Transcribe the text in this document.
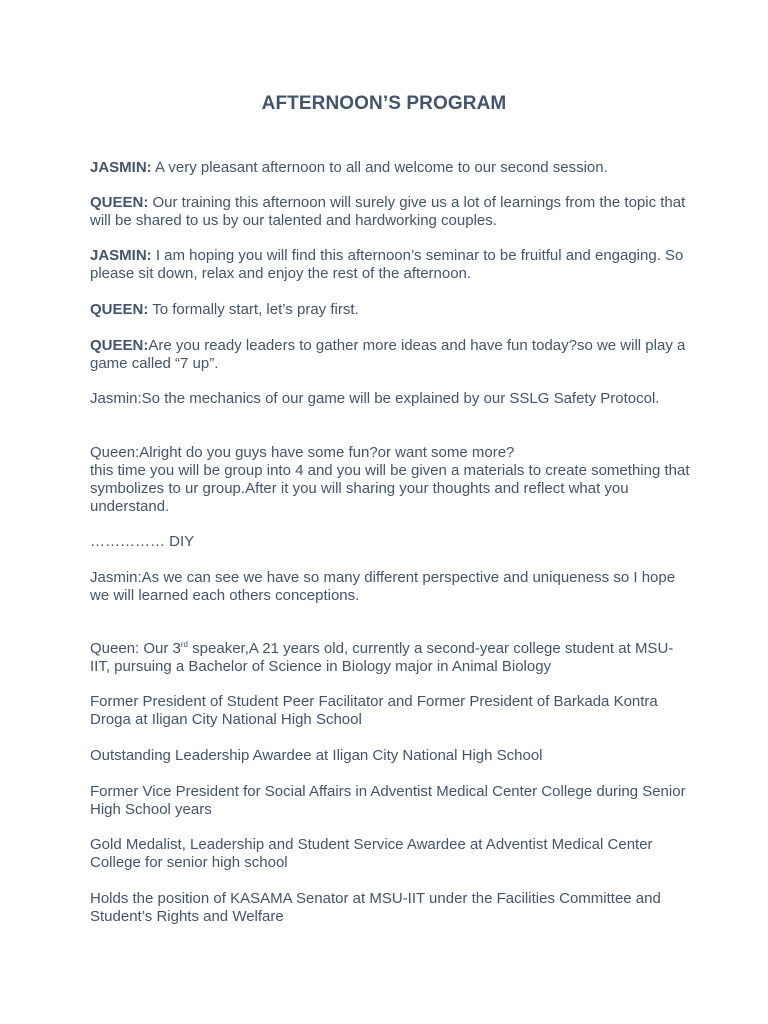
AFTERNOON’S PROGRAM

JASMIN: A very pleasant afternoon to all and welcome to our second session.

QUEEN: Our training this afternoon will surely give us a lot of learnings from the topic that will be shared to us by our talented and hardworking couples.

JASMIN: I am hoping you will find this afternoon’s seminar to be fruitful and engaging. So please sit down, relax and enjoy the rest of the afternoon.

QUEEN: To formally start, let’s pray first.

QUEEN:Are you ready leaders to gather more ideas and have fun today?so we will play a game called “7 up”.

Jasmin:So the mechanics of our game will be explained by our SSLG Safety Protocol.

Queen:Alright do you guys have some fun?or want some more?
this time you will be group into 4 and you will be given a materials to create something that symbolizes to ur group.After it you will sharing your thoughts and reflect what you understand.

…………… DIY

Jasmin:As we can see we have so many different perspective and uniqueness so I hope we will learned each others conceptions.

Queen: Our 3rd speaker,A 21 years old, currently a second-year college student at MSU-IIT, pursuing a Bachelor of Science in Biology major in Animal Biology

Former President of Student Peer Facilitator and Former President of Barkada Kontra Droga at Iligan City National High School

Outstanding Leadership Awardee at Iligan City National High School

Former Vice President for Social Affairs in Adventist Medical Center College during Senior High School years

Gold Medalist, Leadership and Student Service Awardee at Adventist Medical Center College for senior high school

Holds the position of KASAMA Senator at MSU-IIT under the Facilities Committee and Student’s Rights and Welfare
